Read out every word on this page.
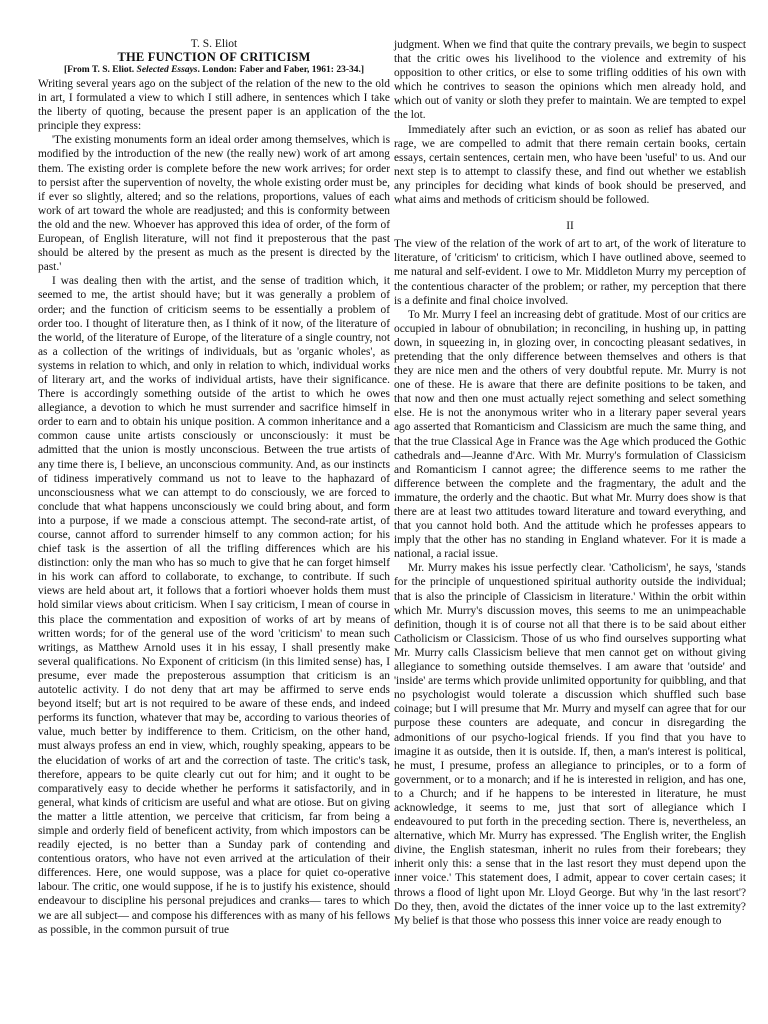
T. S. Eliot
THE FUNCTION OF CRITICISM
[From T. S. Eliot. Selected Essays. London: Faber and Faber, 1961: 23-34.]

Writing several years ago on the subject of the relation of the new to the old in art, I formulated a view to which I still adhere, in sentences which I take the liberty of quoting, because the present paper is an application of the principle they express:

'The existing monuments form an ideal order among themselves, which is modified by the introduction of the new (the really new) work of art among them. The existing order is complete before the new work arrives; for order to persist after the supervention of novelty, the whole existing order must be, if ever so slightly, altered; and so the relations, proportions, values of each work of art toward the whole are readjusted; and this is conformity between the old and the new. Whoever has approved this idea of order, of the form of European, of English literature, will not find it preposterous that the past should be altered by the present as much as the present is directed by the past.'

I was dealing then with the artist, and the sense of tradition which, it seemed to me, the artist should have; but it was generally a problem of order; and the function of criticism seems to be essentially a problem of order too. I thought of literature then, as I think of it now, of the literature of the world, of the literature of Europe, of the literature of a single country, not as a collection of the writings of individuals, but as 'organic wholes', as systems in relation to which, and only in relation to which, individual works of literary art, and the works of individual artists, have their significance. There is accordingly something outside of the artist to which he owes allegiance, a devotion to which he must surrender and sacrifice himself in order to earn and to obtain his unique position. A common inheritance and a common cause unite artists consciously or unconsciously: it must be admitted that the union is mostly unconscious. Between the true artists of any time there is, I believe, an unconscious community. And, as our instincts of tidiness imperatively command us not to leave to the haphazard of unconsciousness what we can attempt to do consciously, we are forced to conclude that what happens unconsciously we could bring about, and form into a purpose, if we made a conscious attempt. The second-rate artist, of course, cannot afford to surrender himself to any common action; for his chief task is the assertion of all the trifling differences which are his distinction: only the man who has so much to give that he can forget himself in his work can afford to collaborate, to exchange, to contribute. If such views are held about art, it follows that a fortiori whoever holds them must hold similar views about criticism. When I say criticism, I mean of course in this place the commentation and exposition of works of art by means of written words; for of the general use of the word 'criticism' to mean such writings, as Matthew Arnold uses it in his essay, I shall presently make several qualifications. No Exponent of criticism (in this limited sense) has, I presume, ever made the preposterous assumption that criticism is an autotelic activity. I do not deny that art may be affirmed to serve ends beyond itself; but art is not required to be aware of these ends, and indeed performs its function, whatever that may be, according to various theories of value, much better by indifference to them. Criticism, on the other hand, must always profess an end in view, which, roughly speaking, appears to be the elucidation of works of art and the correction of taste. The critic's task, therefore, appears to be quite clearly cut out for him; and it ought to be comparatively easy to decide whether he performs it satisfactorily, and in general, what kinds of criticism are useful and what are otiose. But on giving the matter a little attention, we perceive that criticism, far from being a simple and orderly field of beneficent activity, from which impostors can be readily ejected, is no better than a Sunday park of contending and contentious orators, who have not even arrived at the articulation of their differences. Here, one would suppose, was a place for quiet co-operative labour. The critic, one would suppose, if he is to justify his existence, should endeavour to discipline his personal prejudices and cranks— tares to which we are all subject— and compose his differences with as many of his fellows as possible, in the common pursuit of true

judgment. When we find that quite the contrary prevails, we begin to suspect that the critic owes his livelihood to the violence and extremity of his opposition to other critics, or else to some trifling oddities of his own with which he contrives to season the opinions which men already hold, and which out of vanity or sloth they prefer to maintain. We are tempted to expel the lot.

Immediately after such an eviction, or as soon as relief has abated our rage, we are compelled to admit that there remain certain books, certain essays, certain sentences, certain men, who have been 'useful' to us. And our next step is to attempt to classify these, and find out whether we establish any principles for deciding what kinds of book should be preserved, and what aims and methods of criticism should be followed.

II

The view of the relation of the work of art to art, of the work of literature to literature, of 'criticism' to criticism, which I have outlined above, seemed to me natural and self-evident. I owe to Mr. Middleton Murry my perception of the contentious character of the problem; or rather, my perception that there is a definite and final choice involved.

To Mr. Murry I feel an increasing debt of gratitude. Most of our critics are occupied in labour of obnubilation; in reconciling, in hushing up, in patting down, in squeezing in, in glozing over, in concocting pleasant sedatives, in pretending that the only difference between themselves and others is that they are nice men and the others of very doubtful repute. Mr. Murry is not one of these. He is aware that there are definite positions to be taken, and that now and then one must actually reject something and select something else. He is not the anonymous writer who in a literary paper several years ago asserted that Romanticism and Classicism are much the same thing, and that the true Classical Age in France was the Age which produced the Gothic cathedrals and—Jeanne d'Arc. With Mr. Murry's formulation of Classicism and Romanticism I cannot agree; the difference seems to me rather the difference between the complete and the fragmentary, the adult and the immature, the orderly and the chaotic. But what Mr. Murry does show is that there are at least two attitudes toward literature and toward everything, and that you cannot hold both. And the attitude which he professes appears to imply that the other has no standing in England whatever. For it is made a national, a racial issue.

Mr. Murry makes his issue perfectly clear. 'Catholicism', he says, 'stands for the principle of unquestioned spiritual authority outside the individual; that is also the principle of Classicism in literature.' Within the orbit within which Mr. Murry's discussion moves, this seems to me an unimpeachable definition, though it is of course not all that there is to be said about either Catholicism or Classicism. Those of us who find ourselves supporting what Mr. Murry calls Classicism believe that men cannot get on without giving allegiance to something outside themselves. I am aware that 'outside' and 'inside' are terms which provide unlimited opportunity for quibbling, and that no psychologist would tolerate a discussion which shuffled such base coinage; but I will presume that Mr. Murry and myself can agree that for our purpose these counters are adequate, and concur in disregarding the admonitions of our psycho-logical friends. If you find that you have to imagine it as outside, then it is outside. If, then, a man's interest is political, he must, I presume, profess an allegiance to principles, or to a form of government, or to a monarch; and if he is interested in religion, and has one, to a Church; and if he happens to be interested in literature, he must acknowledge, it seems to me, just that sort of allegiance which I endeavoured to put forth in the preceding section. There is, nevertheless, an alternative, which Mr. Murry has expressed. 'The English writer, the English divine, the English statesman, inherit no rules from their forebears; they inherit only this: a sense that in the last resort they must depend upon the inner voice.' This statement does, I admit, appear to cover certain cases; it throws a flood of light upon Mr. Lloyd George. But why 'in the last resort'? Do they, then, avoid the dictates of the inner voice up to the last extremity? My belief is that those who possess this inner voice are ready enough to
